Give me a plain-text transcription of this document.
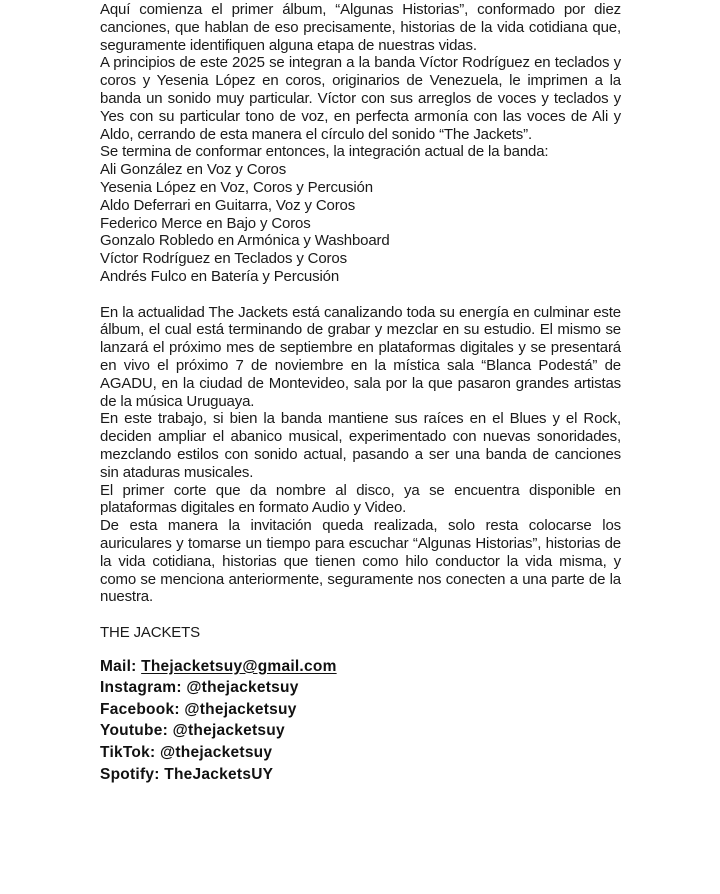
Aquí comienza el primer álbum, “Algunas Historias”, conformado por diez canciones, que hablan de eso precisamente, historias de la vida cotidiana que, seguramente identifiquen alguna etapa de nuestras vidas.

A principios de este 2025 se integran a la banda Víctor Rodríguez en teclados y coros y Yesenia López en coros, originarios de Venezuela, le imprimen a la banda un sonido muy particular. Víctor con sus arreglos de voces y teclados y Yes con su particular tono de voz, en perfecta armonía con las voces de Ali y Aldo, cerrando de esta manera el círculo del sonido “The Jackets”.

Se termina de conformar entonces, la integración actual de la banda:

Ali González en Voz y Coros
Yesenia López en Voz, Coros y Percusión
Aldo Deferrari en Guitarra, Voz y Coros
Federico Merce en Bajo y Coros
Gonzalo Robledo en Armónica y Washboard
Víctor Rodríguez en Teclados y Coros
Andrés Fulco en Batería y Percusión

En la actualidad The Jackets está canalizando toda su energía en culminar este álbum, el cual está terminando de grabar y mezclar en su estudio. El mismo se lanzará el próximo mes de septiembre en plataformas digitales y se presentará en vivo el próximo 7 de noviembre en la mística sala “Blanca Podestá” de AGADU, en la ciudad de Montevideo, sala por la que pasaron grandes artistas de la música Uruguaya.

En este trabajo, si bien la banda mantiene sus raíces en el Blues y el Rock, deciden ampliar el abanico musical, experimentado con nuevas sonoridades, mezclando estilos con sonido actual, pasando a ser una banda de canciones sin ataduras musicales.

El primer corte que da nombre al disco, ya se encuentra disponible en plataformas digitales en formato Audio y Video.

De esta manera la invitación queda realizada, solo resta colocarse los auriculares y tomarse un tiempo para escuchar “Algunas Historias”, historias de la vida cotidiana, historias que tienen como hilo conductor la vida misma, y como se menciona anteriormente, seguramente nos conecten a una parte de la nuestra.

THE JACKETS

Mail: Thejacketsuy@gmail.com
Instagram: @thejacketsuy
Facebook: @thejacketsuy
Youtube: @thejacketsuy
TikTok: @thejacketsuy
Spotify: TheJacketsUY
